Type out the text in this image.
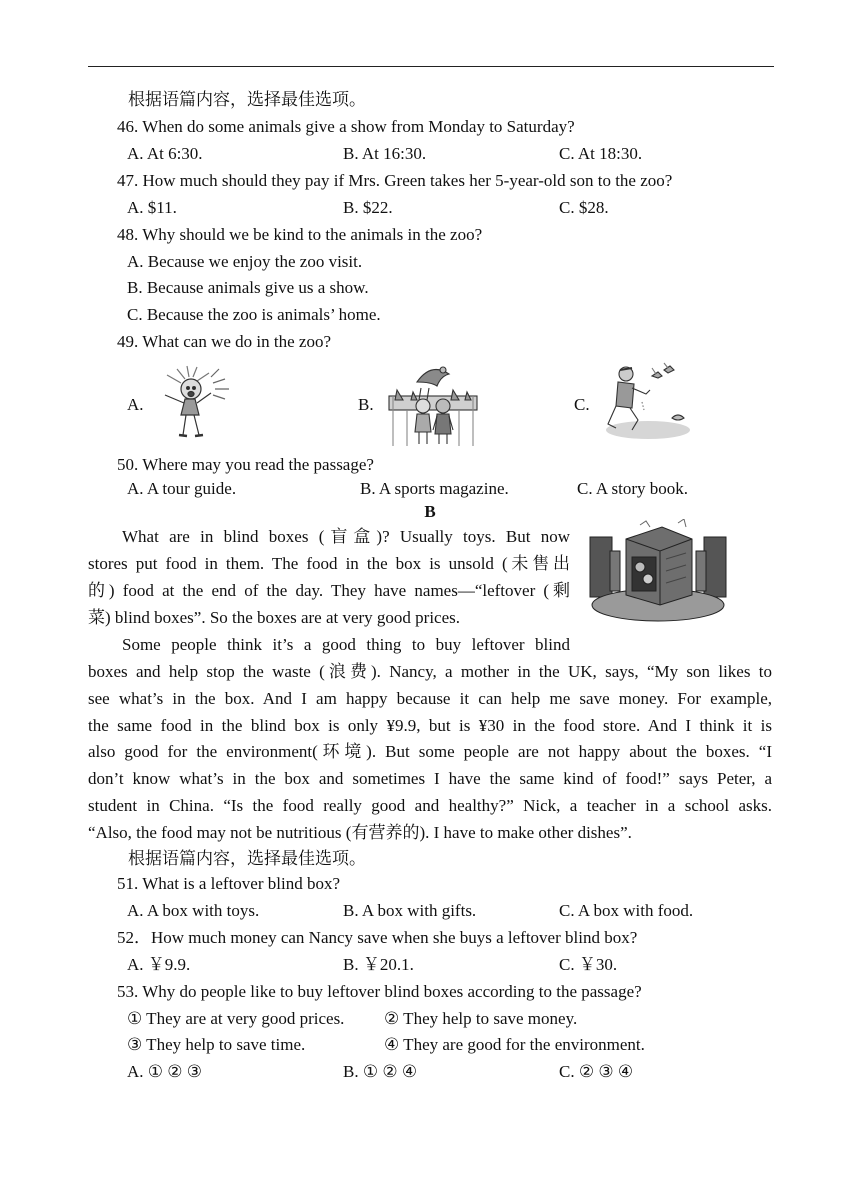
根据语篇内容，选择最佳选项。
46. When do some animals give a show from Monday to Saturday?
A. At 6:30.	B. At 16:30.	C. At 18:30.
47. How much should they pay if Mrs. Green takes her 5-year-old son to the zoo?
A. $11.	B. $22.	C. $28.
48. Why should we be kind to the animals in the zoo?
A. Because we enjoy the zoo visit.
B. Because animals give us a show.
C. Because the zoo is animals’ home.
49. What can we do in the zoo?
A.	B.	C.
50. Where may you read the passage?
A. A tour guide.	B. A sports magazine.	C. A story book.
B
What are in blind boxes (盲盒)? Usually toys. But now
stores put food in them. The food in the box is unsold (未售出
的) food at the end of the day. They have names—“leftover (剩
菜) blind boxes”. So the boxes are at very good prices.
Some people think it’s a good thing to buy leftover blind
boxes and help stop the waste (浪费). Nancy, a mother in the UK, says, “My son likes to
see what’s in the box. And I am happy because it can help me save money. For example,
the same food in the blind box is only ¥9.9, but is ¥30 in the food store. And I think it is
also good for the environment(环境). But some people are not happy about the boxes. “I
don’t know what’s in the box and sometimes I have the same kind of food!” says Peter, a
student in China. “Is the food really good and healthy?” Nick, a teacher in a school asks.
“Also, the food may not be nutritious (有营养的). I have to make other dishes”.
根据语篇内容，选择最佳选项。
51. What is a leftover blind box?
A. A box with toys.	B. A box with gifts.	C. A box with food.
52．How much money can Nancy save when she buys a leftover blind box?
A. ￥9.9.	B. ￥20.1.	C. ￥30.
53. Why do people like to buy leftover blind boxes according to the passage?
① They are at very good prices. ② They help to save money.
③ They help to save time.	④ They are good for the environment.
A. ① ② ③	B. ① ② ④	C. ② ③ ④
